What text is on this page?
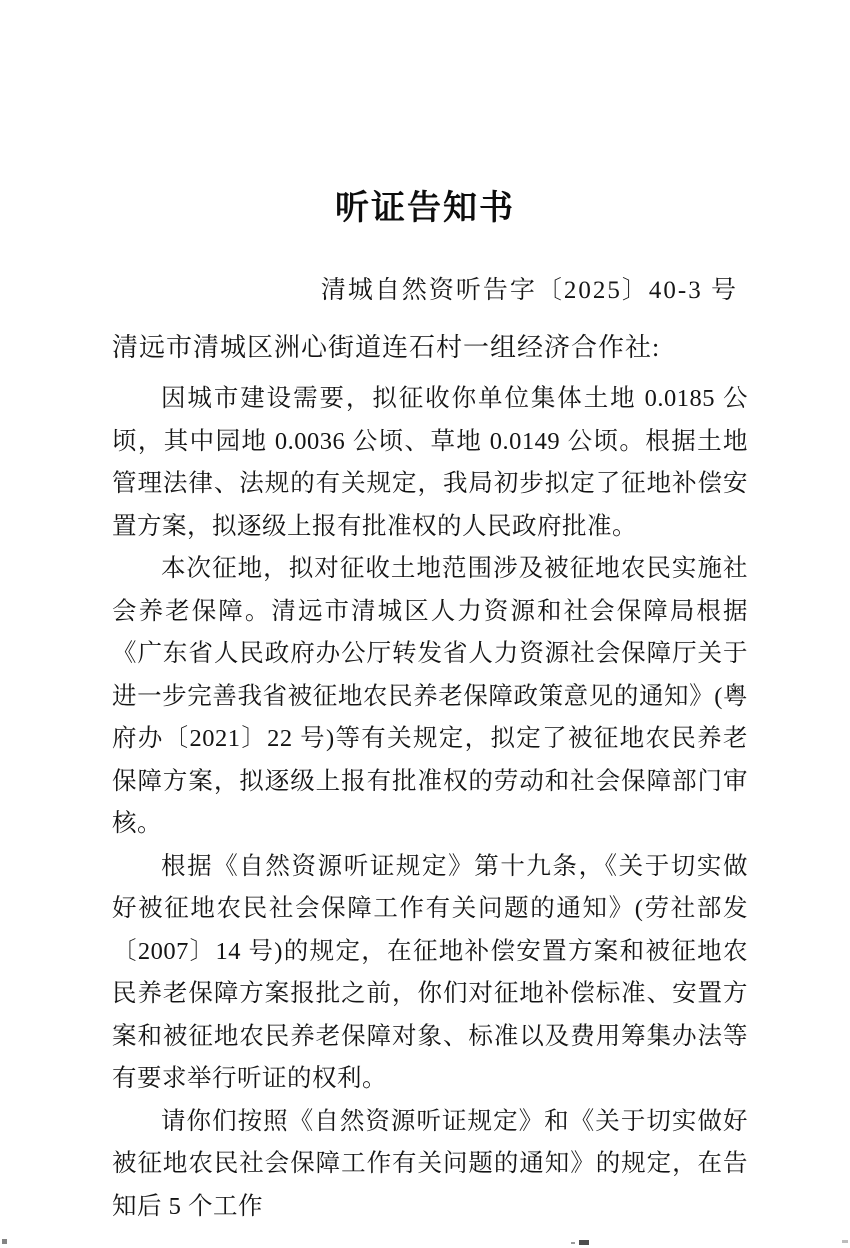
听证告知书
清城自然资听告字〔2025〕40-3 号

清远市清城区洲心街道连石村一组经济合作社:

因城市建设需要，拟征收你单位集体土地 0.0185 公顷，其中园地 0.0036 公顷、草地 0.0149 公顷。根据土地管理法律、法规的有关规定，我局初步拟定了征地补偿安置方案，拟逐级上报有批准权的人民政府批准。

本次征地，拟对征收土地范围涉及被征地农民实施社会养老保障。清远市清城区人力资源和社会保障局根据《广东省人民政府办公厅转发省人力资源社会保障厅关于进一步完善我省被征地农民养老保障政策意见的通知》(粤府办〔2021〕22 号)等有关规定，拟定了被征地农民养老保障方案，拟逐级上报有批准权的劳动和社会保障部门审核。

根据《自然资源听证规定》第十九条，《关于切实做好被征地农民社会保障工作有关问题的通知》(劳社部发〔2007〕14 号)的规定，在征地补偿安置方案和被征地农民养老保障方案报批之前，你们对征地补偿标准、安置方案和被征地农民养老保障对象、标准以及费用筹集办法等有要求举行听证的权利。

请你们按照《自然资源听证规定》和《关于切实做好被征地农民社会保障工作有关问题的通知》的规定，在告知后 5 个工作
